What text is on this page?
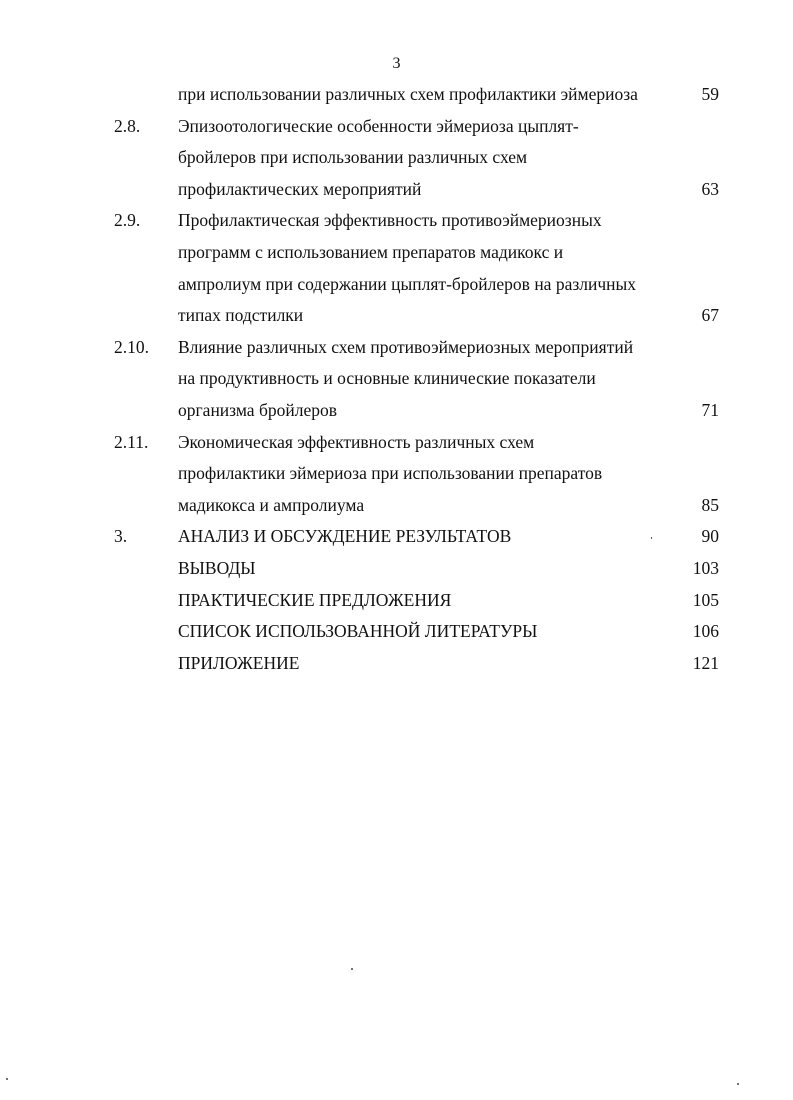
3
при использовании различных схем профилактики эймериоза	59
2.8. Эпизоотологические особенности эймериоза цыплят-
бройлеров при использовании различных схем
профилактических мероприятий	63
2.9. Профилактическая эффективность противоэймериозных
программ с использованием препаратов мадикокс и
ампролиум при содержании цыплят-бройлеров на различных
типах подстилки	67
2.10. Влияние различных схем противоэймериозных мероприятий
на продуктивность и основные клинические показатели
организма бройлеров	71
2.11. Экономическая эффективность различных схем
профилактики эймериоза при использовании препаратов
мадикокса и ампролиума	85
3.	АНАЛИЗ И ОБСУЖДЕНИЕ РЕЗУЛЬТАТОВ	90
ВЫВОДЫ	103
ПРАКТИЧЕСКИЕ ПРЕДЛОЖЕНИЯ	105
СПИСОК ИСПОЛЬЗОВАННОЙ ЛИТЕРАТУРЫ	106
ПРИЛОЖЕНИЕ	121
